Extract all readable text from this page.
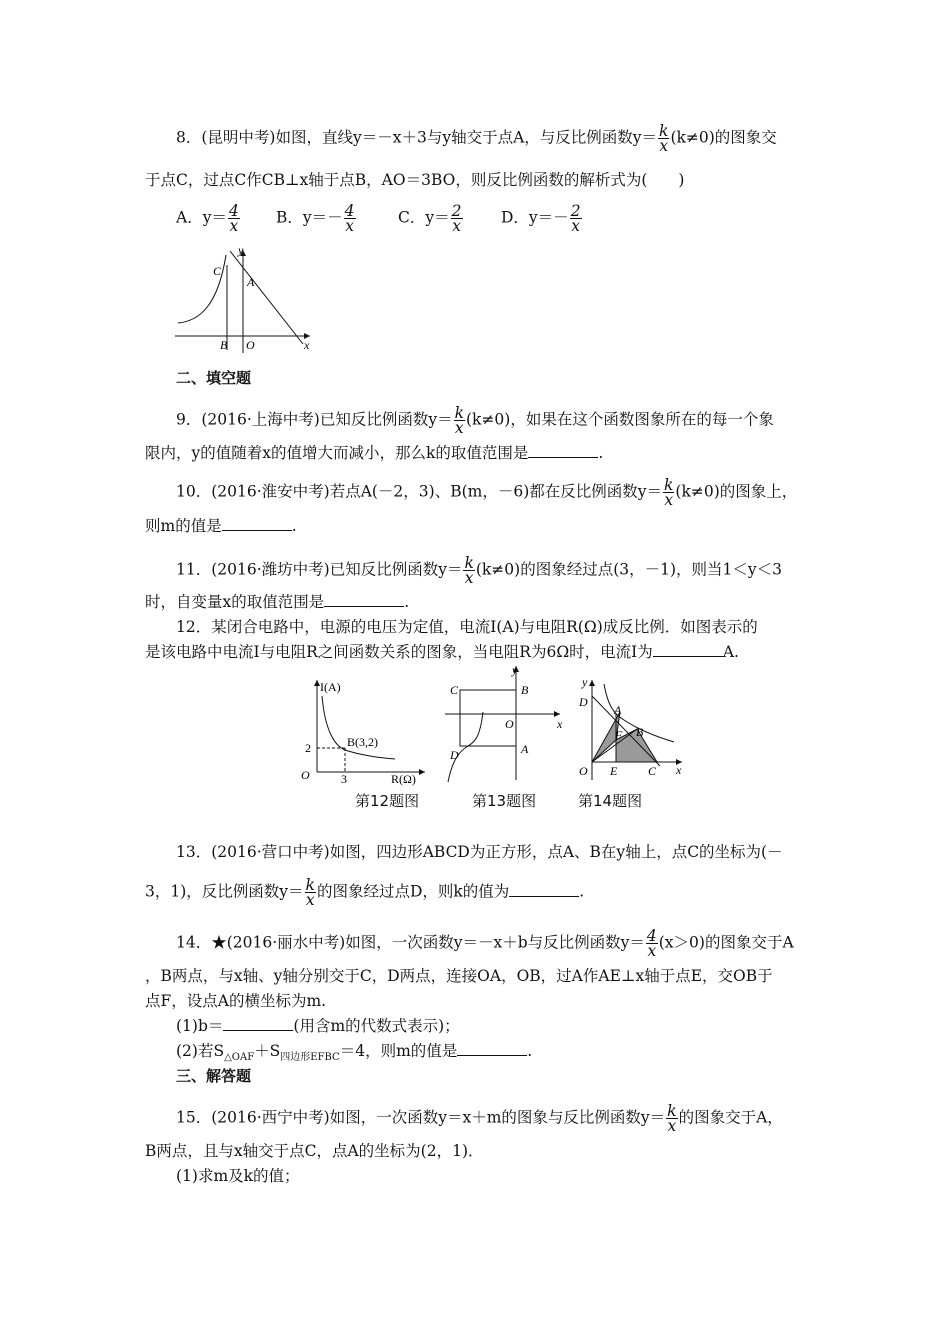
8．(昆明中考)如图，直线y＝－x＋3与y轴交于点A，与反比例函数$y= \frac{k}{x} (k\ne 0)$的图象交
于点C，过点C作CB⊥x轴于点B，AO＝3BO，则反比例函数的解析式为(　　)
A．$y= \frac{4}{x}$ B．$y=- \frac{4}{x}$	C．$y= \frac{2}{x}$ D．$y=- \frac{2}{x}$
y
x
C
A
B O
二、填空题
9．(2016·上海中考)已知反比例函数$y= \frac{k}{x} (k\ne 0)$，如果在这个函数图象所在的每一个象
限内，y的值随着x的值增大而减小，那么k的取值范围是	.
10．(2016·淮安中考)若点A(－2，3)、B(m，－6)都在反比例函数$y= \frac{k}{x} (k\ne 0)$的图象上，
则m的值是	.
11．(2016·潍坊中考)已知反比例函数$y= \frac{k}{x} (k\ne 0)$的图象经过点(3，－1)，则当1＜y＜3
时，自变量x的取值范围是	.
12．某闭合电路中，电源的电压为定值，电流I(A)与电阻R(Ω)成反比例．如图表示的
是该电路中电流I与电阻R之间函数关系的图象，当电阻R为6Ω时，电流I为	A.
I(A)
R(Ω)
B(3,2)
2
3
O
第12题图
y
x
C	B
O
D	A
第13题图
y
x
D
A
F B
O E	C
第14题图
13．(2016·营口中考)如图，四边形ABCD为正方形，点A、B在y轴上，点C的坐标为(－
3，1)，反比例函数$y= \frac{k}{x}$ 的图象经过点D，则k的值为	.
14．★(2016·丽水中考)如图，一次函数y＝－x＋b与反比例函数$y= \frac{4}{x} (x>0)$的图象交于A
，B两点，与x轴、y轴分别交于C，D两点，连接OA，OB，过A作AE⊥x轴于点E，交OB于
点F，设点A的横坐标为m.
(1)b＝	(用含m的代数式表示)；
(2)若$S_{\triangle OAF}+S_{四边形EFBC}=4$，则m的值是	.
三、解答题
15．(2016·西宁中考)如图，一次函数y＝x＋m的图象与反比例函数$y= \frac{k}{x}$ 的图象交于A，
B两点，且与x轴交于点C，点A的坐标为(2，1)．
(1)求m及k的值；
